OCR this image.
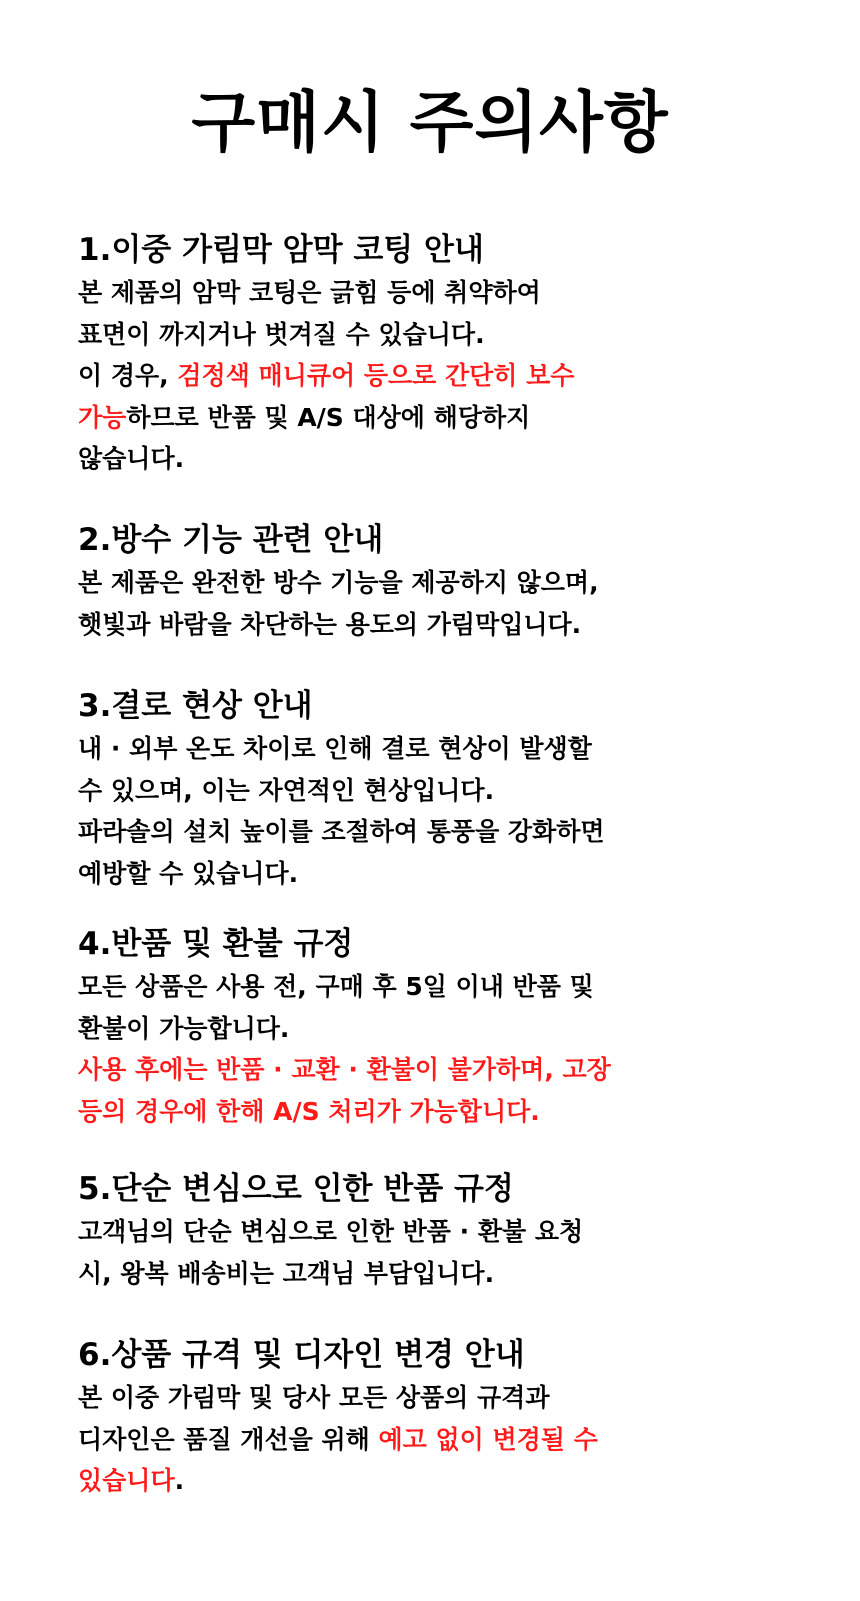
구매시 주의사항
1.이중 가림막 암막 코팅 안내
본 제품의 암막 코팅은 긁힘 등에 취약하여
표면이 까지거나 벗겨질 수 있습니다.
이 경우, 검정색 매니큐어 등으로 간단히 보수
가능하므로 반품 및 A/S 대상에 해당하지
않습니다.
2.방수 기능 관련 안내
본 제품은 완전한 방수 기능을 제공하지 않으며,
햇빛과 바람을 차단하는 용도의 가림막입니다.
3.결로 현상 안내
내 · 외부 온도 차이로 인해 결로 현상이 발생할
수 있으며, 이는 자연적인 현상입니다.
파라솔의 설치 높이를 조절하여 통풍을 강화하면
예방할 수 있습니다.
4.반품 및 환불 규정
모든 상품은 사용 전, 구매 후 5일 이내 반품 및
환불이 가능합니다.
사용 후에는 반품 · 교환 · 환불이 불가하며, 고장
등의 경우에 한해 A/S 처리가 가능합니다.
5.단순 변심으로 인한 반품 규정
고객님의 단순 변심으로 인한 반품 · 환불 요청
시, 왕복 배송비는 고객님 부담입니다.
6.상품 규격 및 디자인 변경 안내
본 이중 가림막 및 당사 모든 상품의 규격과
디자인은 품질 개선을 위해 예고 없이 변경될 수
있습니다.
